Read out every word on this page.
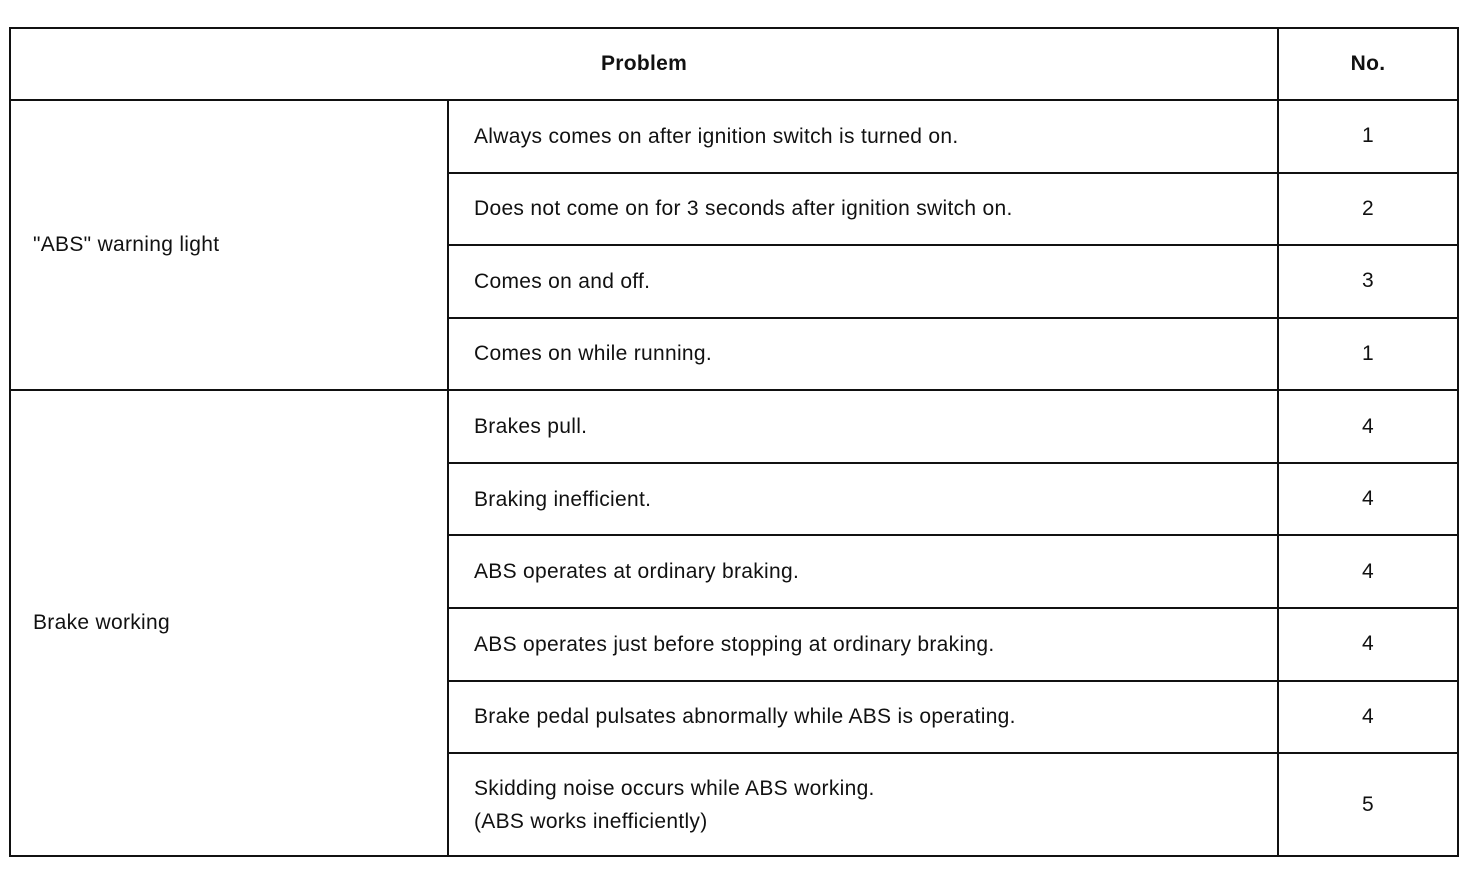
Problem		No.
"ABS" warning light	Always comes on after ignition switch is turned on.	1

	Does not come on for 3 seconds after ignition switch on.	2

	Comes on and off.	3

	Comes on while running.	1
Brake working	Brakes pull.	4

	Braking inefficient.	4

	ABS operates at ordinary braking.	4

	ABS operates just before stopping at ordinary braking.	4

	Brake pedal pulsates abnormally while ABS is operating.	4

	Skidding noise occurs while ABS working.
(ABS works inefficiently)	5
